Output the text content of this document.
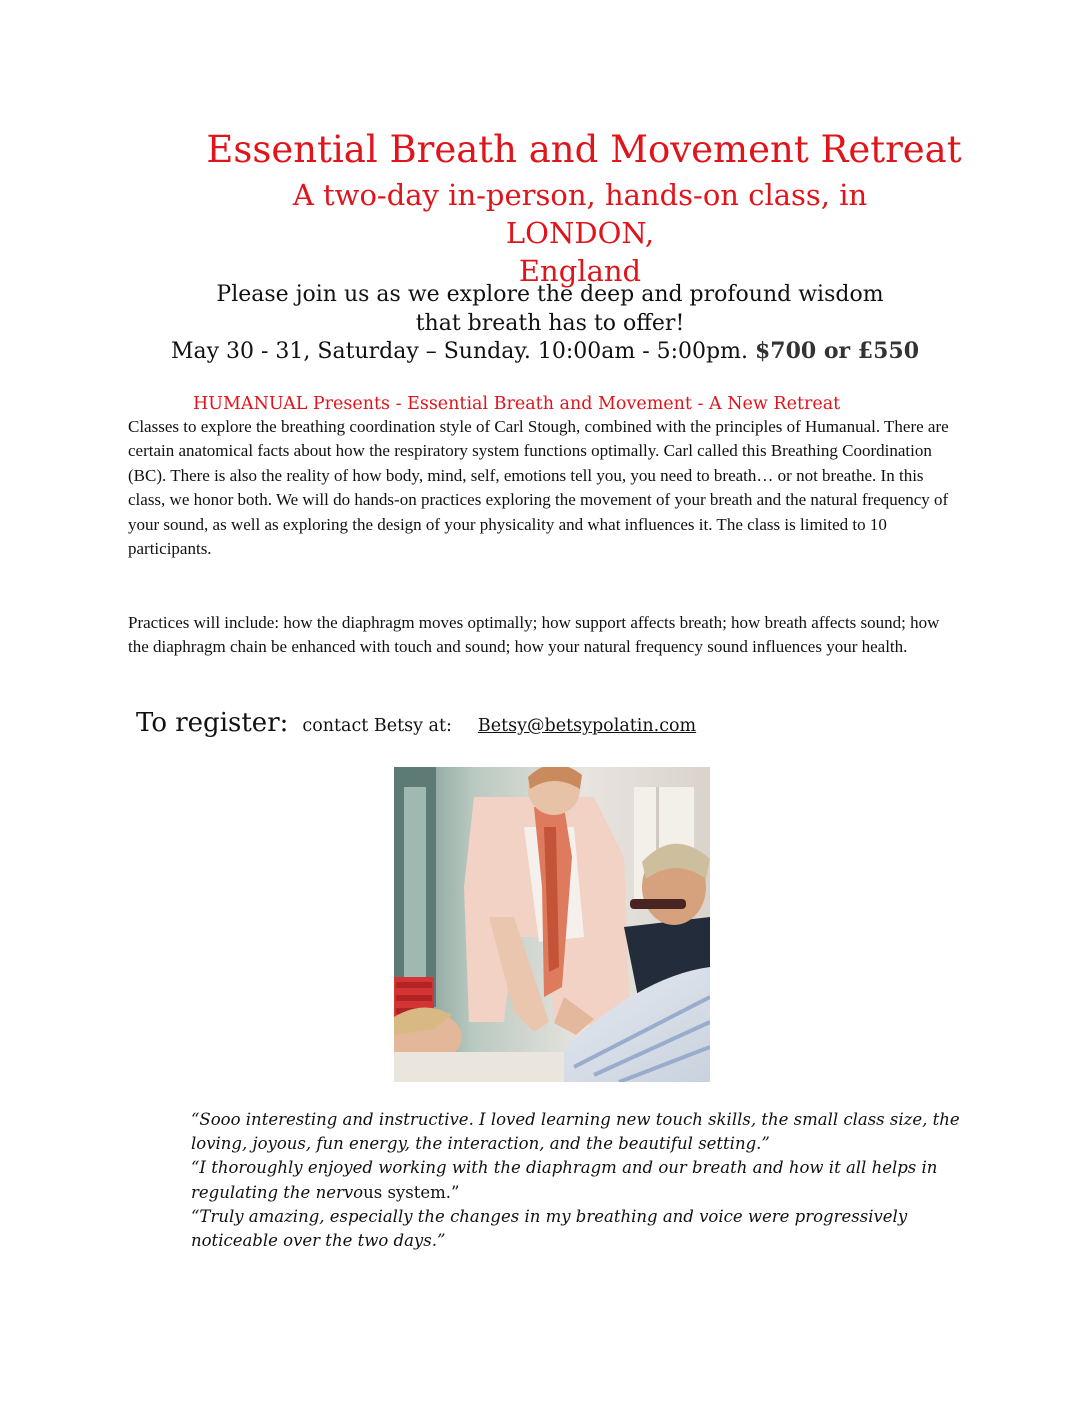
Essential Breath and Movement Retreat
A two-day in-person, hands-on class, in LONDON,
England
Please join us as we explore the deep and profound wisdom
that breath has to offer!
May 30 - 31, Saturday – Sunday. 10:00am - 5:00pm. $700 or £550
HUMANUAL Presents - Essential Breath and Movement - A New Retreat

Classes to explore the breathing coordination style of Carl Stough, combined with the principles of Humanual. There are certain anatomical facts about how the respiratory system functions optimally. Carl called this Breathing Coordination (BC). There is also the reality of how body, mind, self, emotions tell you, you need to breath… or not breathe. In this class, we honor both. We will do hands-on practices exploring the movement of your breath and the natural frequency of your sound, as well as exploring the design of your physicality and what influences it. The class is limited to 10 participants.

Practices will include: how the diaphragm moves optimally; how support affects breath; how breath affects sound; how the diaphragm chain be enhanced with touch and sound; how your natural frequency sound influences your health.

To register: contact Betsy at: Betsy@betsypolatin.com

“Sooo interesting and instructive. I loved learning new touch skills, the small class size, the loving, joyous, fun energy, the interaction, and the beautiful setting.”

“I thoroughly enjoyed working with the diaphragm and our breath and how it all helps in regulating the nervous system.”

“Truly amazing, especially the changes in my breathing and voice were progressively noticeable over the two days.”
